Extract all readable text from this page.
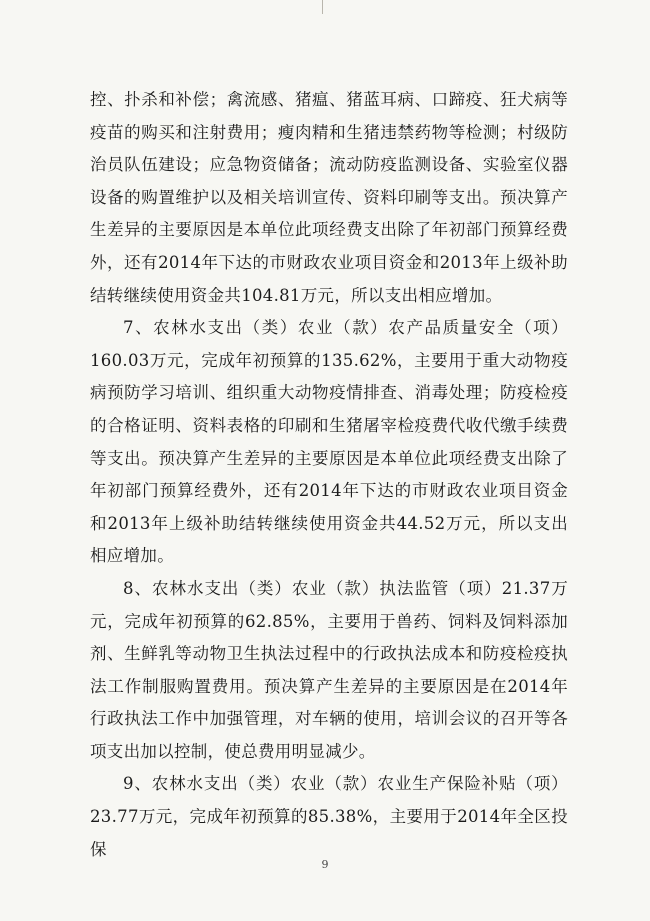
控、扑杀和补偿；禽流感、猪瘟、猪蓝耳病、口蹄疫、狂犬病等疫苗的购买和注射费用；瘦肉精和生猪违禁药物等检测；村级防治员队伍建设；应急物资储备；流动防疫监测设备、实验室仪器设备的购置维护以及相关培训宣传、资料印刷等支出。预决算产生差异的主要原因是本单位此项经费支出除了年初部门预算经费外，还有2014年下达的市财政农业项目资金和2013年上级补助结转继续使用资金共104.81万元，所以支出相应增加。

7、农林水支出（类）农业（款）农产品质量安全（项）160.03万元，完成年初预算的135.62%，主要用于重大动物疫病预防学习培训、组织重大动物疫情排查、消毒处理；防疫检疫的合格证明、资料表格的印刷和生猪屠宰检疫费代收代缴手续费等支出。预决算产生差异的主要原因是本单位此项经费支出除了年初部门预算经费外，还有2014年下达的市财政农业项目资金和2013年上级补助结转继续使用资金共44.52万元，所以支出相应增加。

8、农林水支出（类）农业（款）执法监管（项）21.37万元，完成年初预算的62.85%，主要用于兽药、饲料及饲料添加剂、生鲜乳等动物卫生执法过程中的行政执法成本和防疫检疫执法工作制服购置费用。预决算产生差异的主要原因是在2014年行政执法工作中加强管理，对车辆的使用，培训会议的召开等各项支出加以控制，使总费用明显减少。

9、农林水支出（类）农业（款）农业生产保险补贴（项）23.77万元，完成年初预算的85.38%，主要用于2014年全区投保

9
